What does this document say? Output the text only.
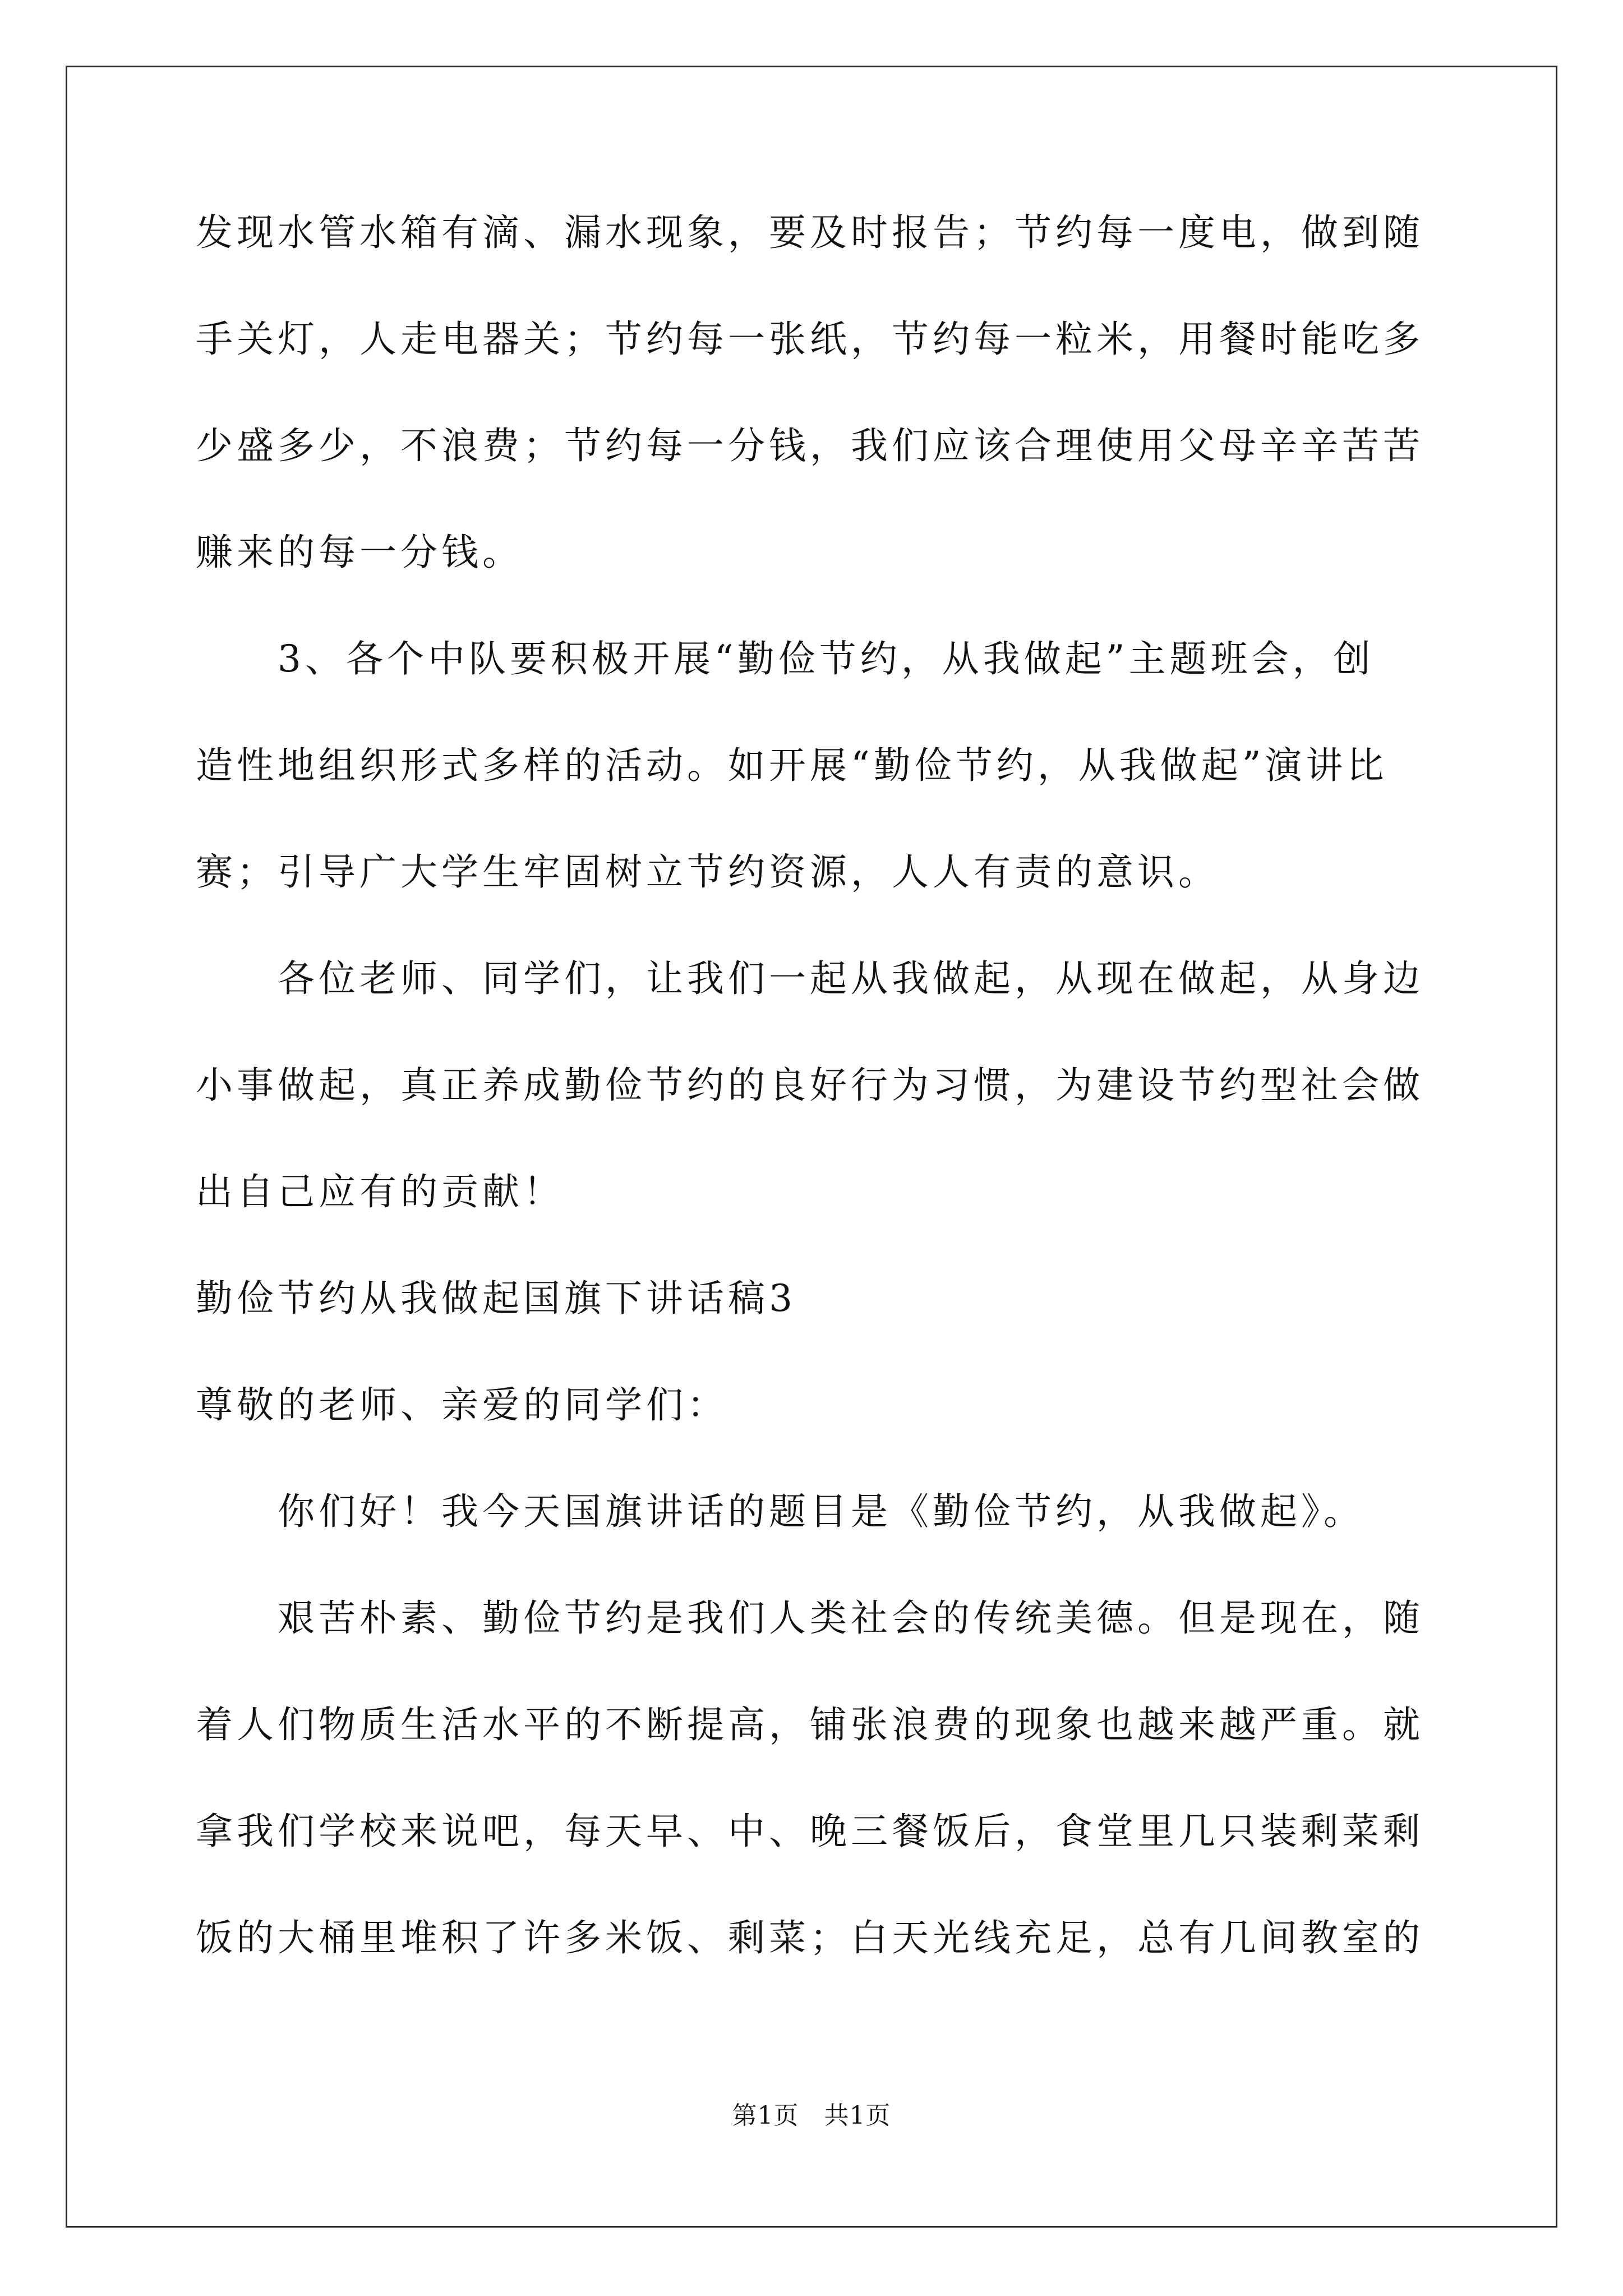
发现水管水箱有滴、漏水现象，要及时报告；节约每一度电，做到随
手关灯，人走电器关；节约每一张纸，节约每一粒米，用餐时能吃多
少盛多少，不浪费；节约每一分钱，我们应该合理使用父母辛辛苦苦
赚来的每一分钱。
　　3、各个中队要积极开展“勤俭节约，从我做起”主题班会，创
造性地组织形式多样的活动。如开展“勤俭节约，从我做起”演讲比
赛；引导广大学生牢固树立节约资源，人人有责的意识。
　　各位老师、同学们，让我们一起从我做起，从现在做起，从身边
小事做起，真正养成勤俭节约的良好行为习惯，为建设节约型社会做
出自己应有的贡献！
勤俭节约从我做起国旗下讲话稿3
尊敬的老师、亲爱的同学们：
　　你们好！我今天国旗讲话的题目是《勤俭节约，从我做起》。
　　艰苦朴素、勤俭节约是我们人类社会的传统美德。但是现在，随
着人们物质生活水平的不断提高，铺张浪费的现象也越来越严重。就
拿我们学校来说吧，每天早、中、晚三餐饭后，食堂里几只装剩菜剩
饭的大桶里堆积了许多米饭、剩菜；白天光线充足，总有几间教室的
第1页　共1页
